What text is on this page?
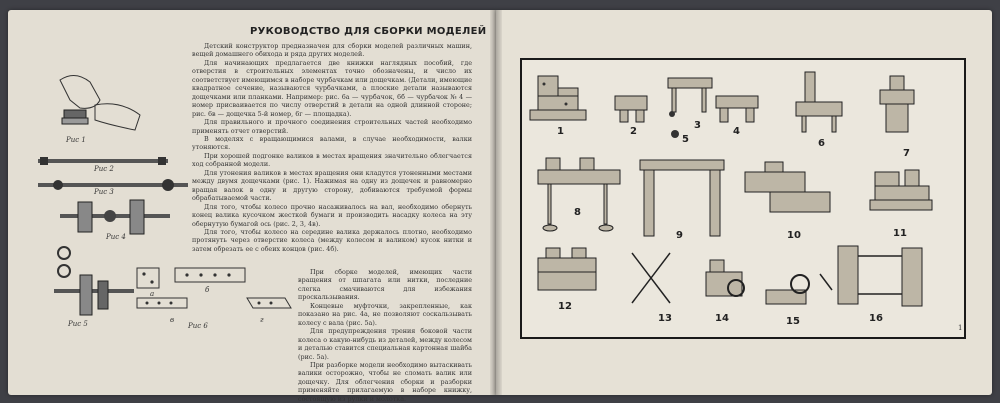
РУКОВОДСТВО ДЛЯ СБОРКИ МОДЕЛЕЙ

Детский конструктор предназначен для сборки моделей различных машин, вещей домашнего обихода и ряда других моделей.

Для начинающих предлагается две книжки наглядных пособий, где отверстия в строительных элементах точно обозначены, и число их соответствует имеющимся в наборе чурбачкам или дощечкам. (Детали, имеющие квадратное сечение, называются чурбачками, а плоские детали называются дощечками или планками. Например: рис. 6а — чурбачок, 6б — чурбачок № 4 — номер присваивается по числу отверстий в детали на одной длинной стороне; рис. 6в — дощечка 5-й номер, 6г — площадка).

Для правильного и прочного соединения строительных частей необходимо применять отчет отверстий.

В моделях с вращающимися валами, в случае необходимости, валки утоняются.

При хорошей подгонке валиков в местах вращения значительно облегчается ход собранной модели.

Для утонения валиков в местах вращения они кладутся утоненными местами между двумя дощечками (рис. 1). Нажимая на одну из дощечек и равномерно вращая валок в одну и другую сторону, добиваются требуемой формы обрабатываемой части.

Для того, чтобы колесо прочно насаживалось на вал, необходимо обернуть конец валика кусочком жесткой бумаги и производить насадку колеса на эту обернутую бумагой ось (рис. 2, 3, 4в).

Для того, чтобы колесо на середине валика держалось плотно, необходимо протянуть через отверстие колеса (между колесом и валиком) кусок нитки и затем обрезать ее с обеих концов (рис. 4б).

При сборке моделей, имеющих части вращения от шпагата или нитки, последние слегка смачиваются для избежания проскальзывания.

Концевые муфточки, закрепленные, как показано на рис. 4а, не позволяют соскальзывать колесу с вала (рис. 5а).

Для предупреждения трения боковой части колеса о какую-нибудь из деталей, между колесом и деталью ставится специальная картонная шайба (рис. 5а).

При разборке модели необходимо вытаскивать валики осторожно, чтобы не сломать валик или дощечку. Для облегчения сборки и разборки применяйте прилагаемую в наборе книжку, состоящую из рулки и молотка.

Рис 1
Рис 2
Рис 3
Рис 4
Рис 5	Рис 6
а	б
в	г
1	2
3
4
5	6
7
8
9	10	11
12
13	14	15	16
1
